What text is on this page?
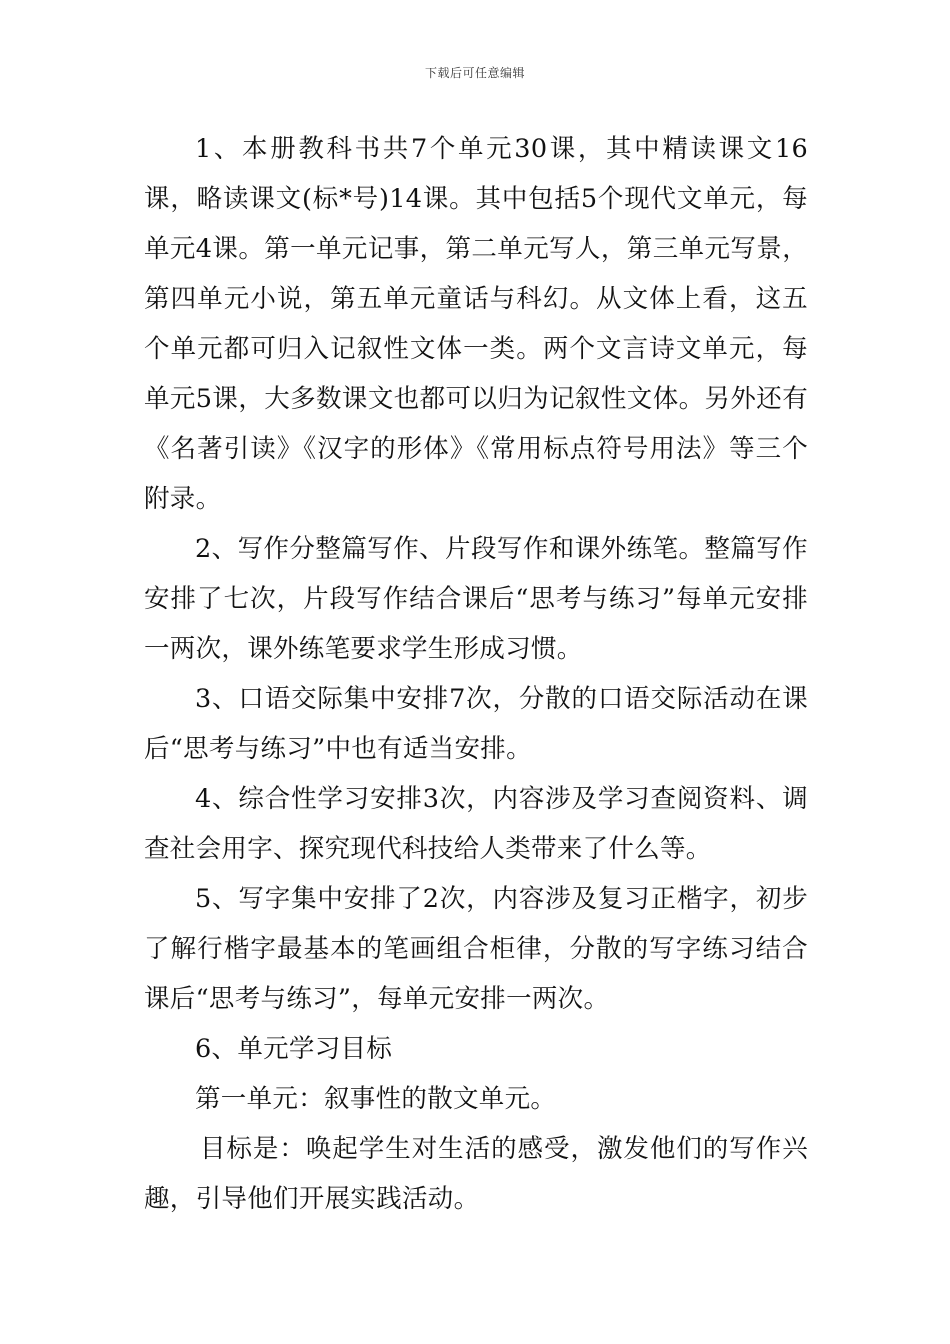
下载后可任意编辑

1、本册教科书共7个单元30课，其中精读课文16课，略读课文(标*号)14课。其中包括5个现代文单元，每单元4课。第一单元记事，第二单元写人，第三单元写景，第四单元小说，第五单元童话与科幻。从文体上看，这五个单元都可归入记叙性文体一类。两个文言诗文单元，每单元5课，大多数课文也都可以归为记叙性文体。另外还有《名著引读》《汉字的形体》《常用标点符号用法》等三个附录。

2、写作分整篇写作、片段写作和课外练笔。整篇写作安排了七次，片段写作结合课后“思考与练习”每单元安排一两次，课外练笔要求学生形成习惯。

3、口语交际集中安排7次，分散的口语交际活动在课后“思考与练习”中也有适当安排。

4、综合性学习安排3次，内容涉及学习查阅资料、调查社会用字、探究现代科技给人类带来了什么等。

5、写字集中安排了2次，内容涉及复习正楷字，初步了解行楷字最基本的笔画组合柜律，分散的写字练习结合课后“思考与练习”，每单元安排一两次。

6、单元学习目标

第一单元：叙事性的散文单元。

目标是：唤起学生对生活的感受，激发他们的写作兴趣，引导他们开展实践活动。
